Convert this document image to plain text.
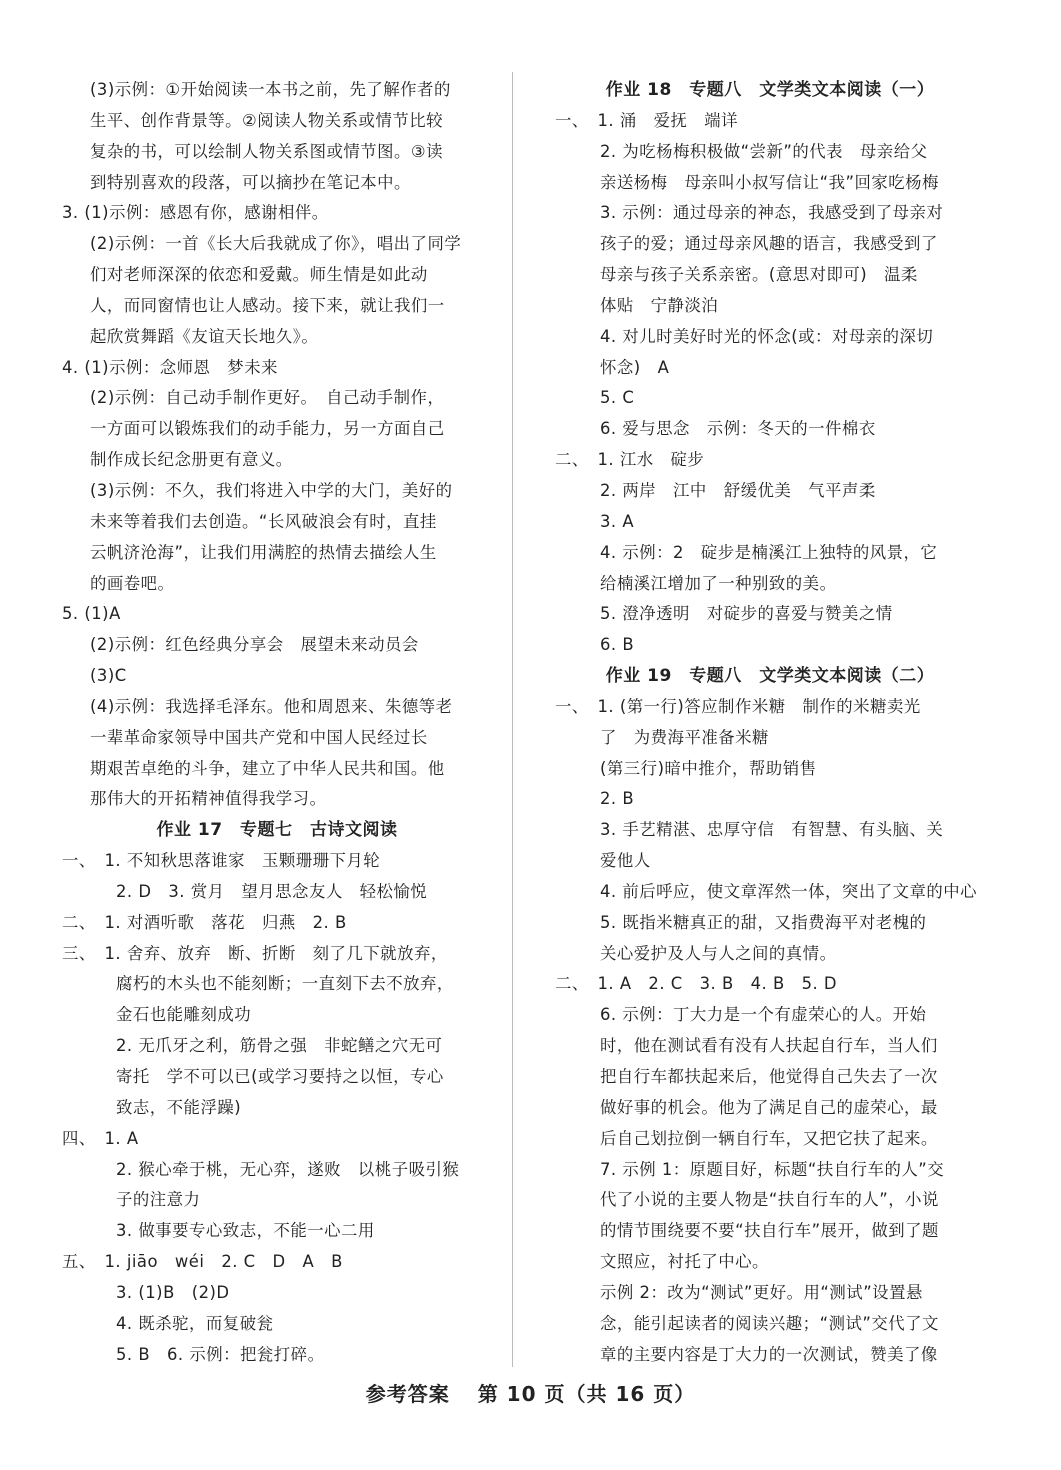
(3)示例：①开始阅读一本书之前，先了解作者的
生平、创作背景等。②阅读人物关系或情节比较
复杂的书，可以绘制人物关系图或情节图。③读
到特别喜欢的段落，可以摘抄在笔记本中。
3. (1)示例：感恩有你，感谢相伴。
(2)示例：一首《长大后我就成了你》，唱出了同学
们对老师深深的依恋和爱戴。师生情是如此动
人，而同窗情也让人感动。接下来，就让我们一
起欣赏舞蹈《友谊天长地久》。
4. (1)示例：念师恩　梦未来
(2)示例：自己动手制作更好。　自己动手制作，
一方面可以锻炼我们的动手能力，另一方面自己
制作成长纪念册更有意义。
(3)示例：不久，我们将进入中学的大门，美好的
未来等着我们去创造。“长风破浪会有时，直挂
云帆济沧海”，让我们用满腔的热情去描绘人生
的画卷吧。
5. (1)A
(2)示例：红色经典分享会　展望未来动员会
(3)C
(4)示例：我选择毛泽东。他和周恩来、朱德等老
一辈革命家领导中国共产党和中国人民经过长
期艰苦卓绝的斗争，建立了中华人民共和国。他
那伟大的开拓精神值得我学习。
作业 17　专题七　古诗文阅读
一、　1. 不知秋思落谁家　玉颗珊珊下月轮
2. D　3. 赏月　望月思念友人　轻松愉悦
二、　1. 对酒听歌　落花　归燕　2. B
三、　1. 舍弃、放弃　断、折断　刻了几下就放弃，
腐朽的木头也不能刻断；一直刻下去不放弃，
金石也能雕刻成功
2. 无爪牙之利，筋骨之强　非蛇鳝之穴无可
寄托　学不可以已(或学习要持之以恒，专心
致志，不能浮躁)
四、　1. A
2. 猴心牵于桃，无心弈，遂败　以桃子吸引猴
子的注意力
3. 做事要专心致志，不能一心二用
五、　1. jiāo　wéi　2. C　D　A　B
3. (1)B　(2)D
4. 既杀驼，而复破瓮
5. B　6. 示例：把瓮打碎。
作业 18　专题八　文学类文本阅读（一）
一、　1. 涌　爱抚　端详
2. 为吃杨梅积极做“尝新”的代表　母亲给父
亲送杨梅　母亲叫小叔写信让“我”回家吃杨梅
3. 示例：通过母亲的神态，我感受到了母亲对
孩子的爱；通过母亲风趣的语言，我感受到了
母亲与孩子关系亲密。(意思对即可)　温柔
体贴　宁静淡泊
4. 对儿时美好时光的怀念(或：对母亲的深切
怀念)　A
5. C
6. 爱与思念　示例：冬天的一件棉衣
二、　1. 江水　碇步
2. 两岸　江中　舒缓优美　气平声柔
3. A
4. 示例：2　碇步是楠溪江上独特的风景，它
给楠溪江增加了一种别致的美。
5. 澄净透明　对碇步的喜爱与赞美之情
6. B
作业 19　专题八　文学类文本阅读（二）
一、　1. (第一行)答应制作米糖　制作的米糖卖光
了　为费海平准备米糖
(第三行)暗中推介，帮助销售
2. B
3. 手艺精湛、忠厚守信　有智慧、有头脑、关
爱他人
4. 前后呼应，使文章浑然一体，突出了文章的中心
5. 既指米糖真正的甜，又指费海平对老槐的
关心爱护及人与人之间的真情。
二、　1. A　2. C　3. B　4. B　5. D
6. 示例：丁大力是一个有虚荣心的人。开始
时，他在测试看有没有人扶起自行车，当人们
把自行车都扶起来后，他觉得自己失去了一次
做好事的机会。他为了满足自己的虚荣心，最
后自己划拉倒一辆自行车，又把它扶了起来。
7. 示例 1：原题目好，标题“扶自行车的人”交
代了小说的主要人物是“扶自行车的人”，小说
的情节围绕要不要“扶自行车”展开，做到了题
文照应，衬托了中心。
示例 2：改为“测试”更好。用“测试”设置悬
念，能引起读者的阅读兴趣；“测试”交代了文
章的主要内容是丁大力的一次测试，赞美了像
参考答案 第 10 页（共 16 页）
